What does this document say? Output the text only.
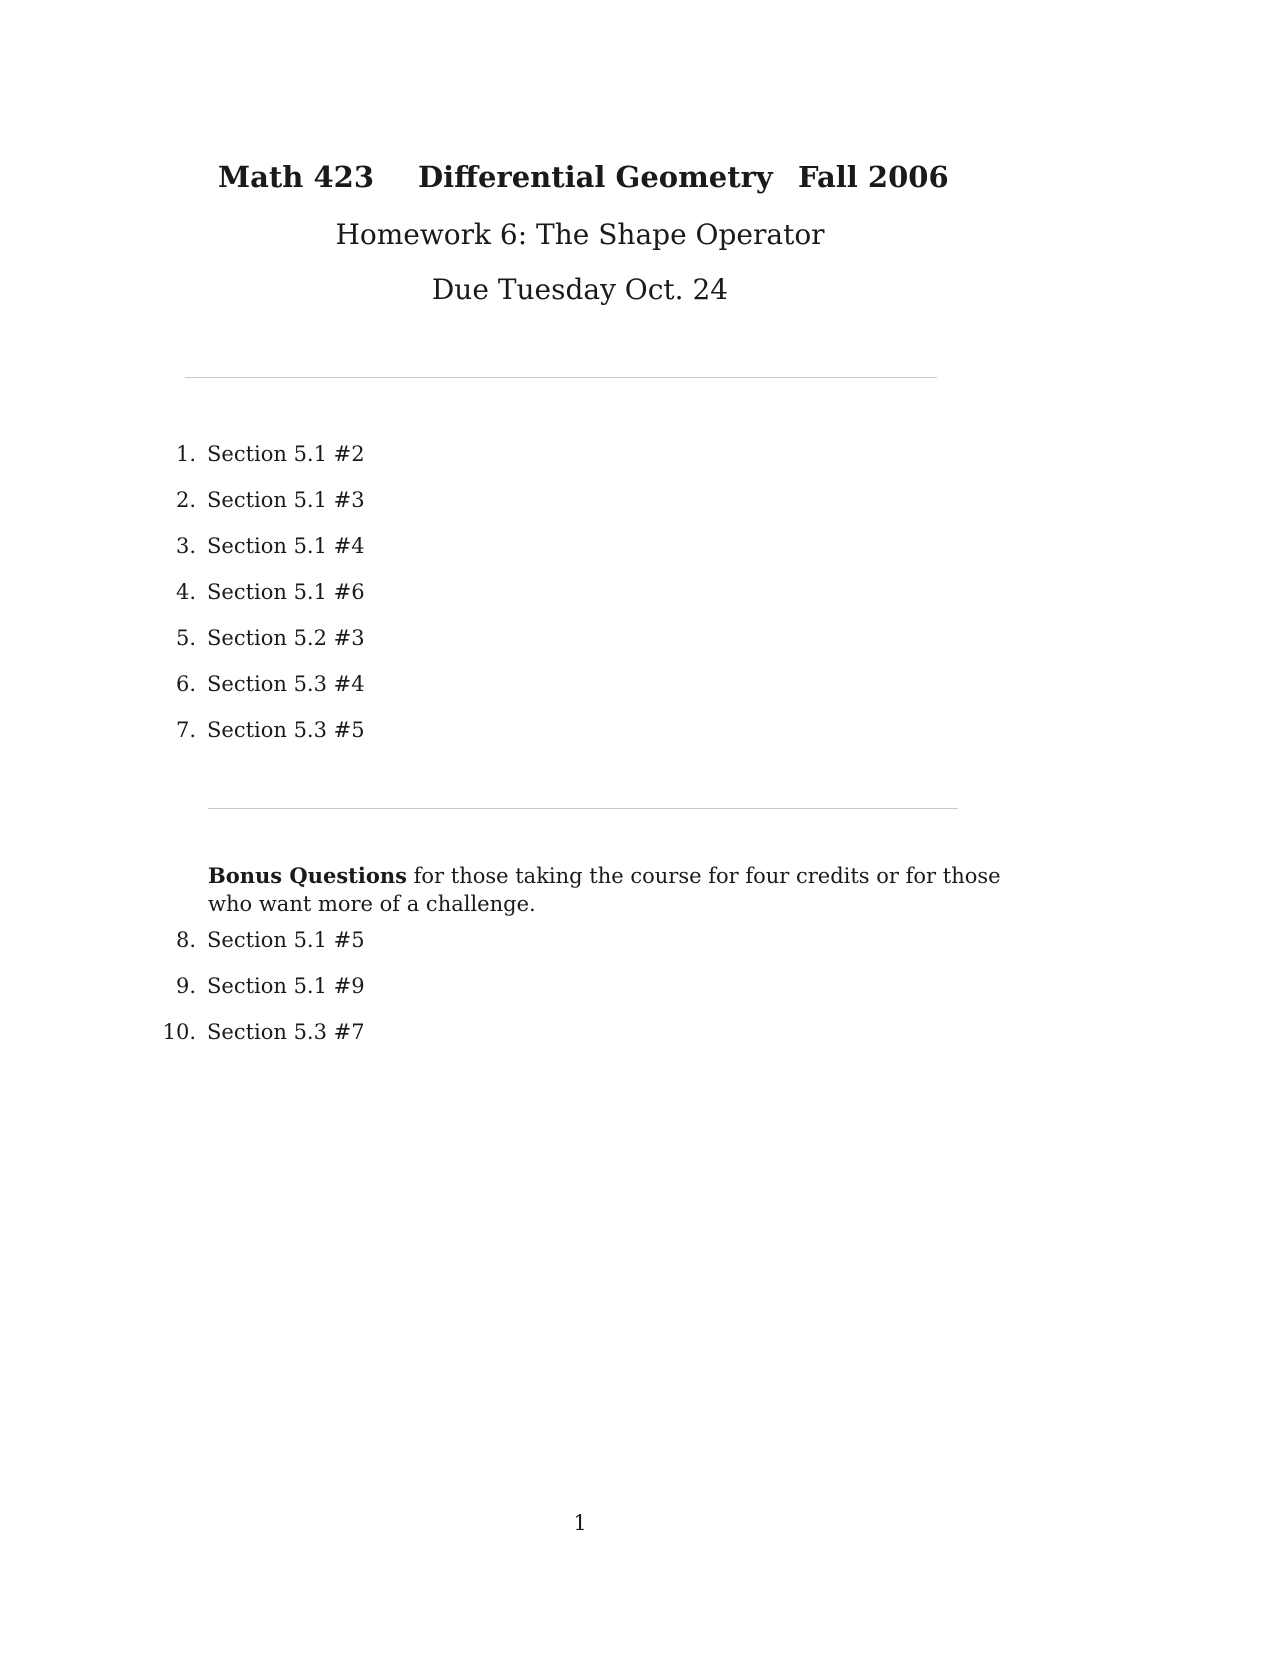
Math 423 Differential Geometry Fall 2006
Homework 6: The Shape Operator
Due Tuesday Oct. 24
1. Section 5.1 #2
2. Section 5.1 #3
3. Section 5.1 #4
4. Section 5.1 #6
5. Section 5.2 #3
6. Section 5.3 #4
7. Section 5.3 #5
Bonus Questions for those taking the course for four credits or for those who want more of a challenge.
8. Section 5.1 #5
9. Section 5.1 #9
10. Section 5.3 #7
1
